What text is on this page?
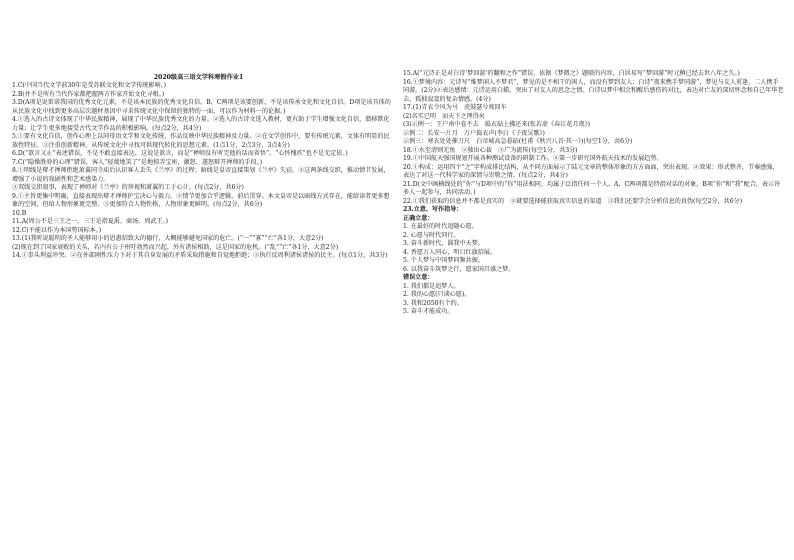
2020级高三语文学科寒假作业1

1.C(中国当代文学前30年是受苏联文化和文学传统影响。)

2.B(并不是所有当代作家都把握两方作家开始文化寻根。)

3.D(A项是说雷诺我国的优秀文化元素，不是该本民族的优秀文化自信。B、C两项是该要创新，不是该传承文化和文化自信。D项是该具体的从民族文化中找到更多高层次题材基因中寻求传统文化中保留的独特的一面，可以作为材料一的论据。)

4.①选入的古诗文体现了中华民族精神，展现了中华民族优秀文化的力量。②选入的古诗文选入教材，更有助于学生增强文化自信，潜移默化力量；让学生更多地接受古代文学作品的积极影响。(每点2分，共4分)

5.①要有文化自信，创作心理上以同母语文学和文化传统，作品反映中华民族精神及力量。②在文学创作中，要有传统元素，文体有明显的民族性特征。③注重创新精神，从传统文化中寻找可供现代转化的思想元素。(1点1分，2点3分，3点4分)

6.D(“欲言又止”表述错误，不是不敢直接表达，这说是欲言，而是“禅师没有听完他的话而省悟”。“心怀愧疚”也不是无定依。)

7.C(“隐操胜券的心理”错误，客人“轻蔑地笑了”是地掠弄宝座，激怒、遂怒辩开禅师的手段。)

8.①明线是辩才禅师拒绝萧翼同寺庙后认识客人丢失《兰亭》的过程；暗线是皇帝直接策划《兰亭》失窃。②这两条线交织，推动情节发展，增强了小说的戏剧性和艺术感染力。

③双线交织叙事，表现了禅师对《兰亭》的珍视和萧翼的工于心计。(每点2分，共6分)

9.①主旨更集中明确，直接表现出辩才禅师护宝决心与毅力。②情节更加合乎逻辑，前后贯穿。本文皇帝是以暗线方式存在，能给读者更多想象的空间，但给人物形象更完整。③更加符合人物性格，人物形象更鲜明。(每点2分，共6分)

10.B

11.A(周公不是三王之一。三王是指夏禹、商汤、周武王。)

12.C(不能以作为本国势国标本。)

13.(1)我听说聪明的圣人能够用小的恩惠招致大的德行，大概能够避免国家的危亡。(“一”“寡”“亡”各1分，大意2分)

(2)现在到了国家衰败的关头，若内有公子州吁勃然而兴起，外有诸侯相助，这是国家的危机。(“乱”“亡”各1分，大意2分)

14.①拳头利益冲突。②在外部刚性压力下对于其自身发展的矛盾采取措施和自觉地拒绝；③执行反周利诸侯诸侯的民主。(每点1分，共3分)

15.A(“元诗正是对白诗‘梦回游’的翻和之作”错误，依据《梦微之》题联的内容，白居易写“梦回游”时元稹已经去世八年之久。)

16.①梦境内容：元诗写“惟梦闲人不梦君”，梦见的是不相干的闲人，而没有梦到友人；白诗“夜来携手梦同游”，梦见与友人重逢，二人携手同游。(2分)②表达感情：元诗运用白描，突出了对友人的思念之情。白诗以梦中相会和醒后感伤的对比，表达对亡友的深切怀念和自己年华老去、孤独寂寞的复杂情感。(4分)

17.(1)青衣令风为马　虎鼓瑟兮鸾回车

(2)名实已明　而天下之理得矣

(3)示例一：王户南中卷不去　捣衣砧上拂还来(张若虚《春江花月夜》)

示例二：长安一片月　万户捣衣声(李白《子夜吴歌》)

示例三：寒衣处处催刀尺　白帝城高急暮砧(杜甫《秋兴八首·其一》)(每空1分，共6分)

18.①水至清则无鱼　②独出心裁　③广为流传(每空1分，共3分)

19.①中国航天强国规划开展各种测试设备的研制工作。②第一步研究国外航天技术的发展趋势。

20.①构成：运用四个“之”字构成排比结构，从不同方面展示了陆元文章的整体形象的方方面面，突出表现。②效果：形式整齐，节奏感强，表达了对这一代科学家的深情与崇敬之情。(每点2分，共4分)

21.D(文中画横线处的“你”与D项中的“你”用法相同，均属于泛指任何一个人。A、C两项都是特指对话的对象。B项“你”和“我”配合，表示许多人一起参与，共同活动。)

22.①我们获取的信息并不都是真实的　②就要选择能获取真实信息的渠道　③我们还要学会分析信息的真伪(每空2分，共6分)

23.立意、写作指导：

正确立意：

1. 在最好的时代追随心愿。

2. 心愿与时代同行。

3. 奋斗新时代，圆我中天梦。

4. 香愿万人同心，明日红旗招展。

5. 个人梦与中国梦同频共振。

6. 以我奋斗筑梦之行，愿家国昌盛之梦。

错误立意：

1. 我们都是追梦人。

2. 我的心愿(只谈心愿)。

3. 我和2050有个约。

5. 奋斗才能成功。
